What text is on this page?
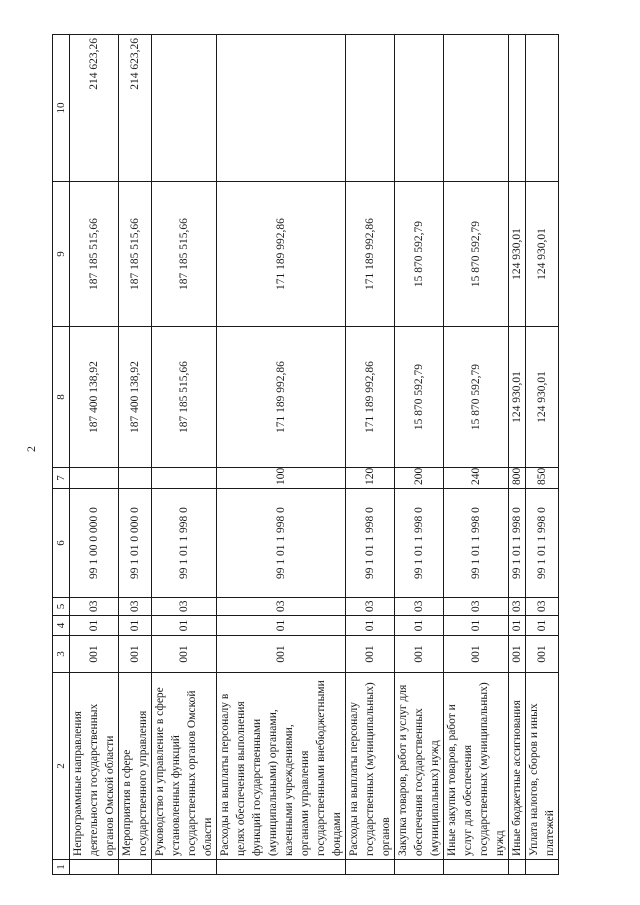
2
1	2	3	4	5	6	7	8	9	10
	Непрограммные направления деятельности государственных органов Омской области	001	01	03	99 1 00 0 000 0		187 400 138,92	187 185 515,66	214 623,26
	Мероприятия в сфере государственного управления	001	01	03	99 1 01 0 000 0		187 400 138,92	187 185 515,66	214 623,26
	Руководство и управление в сфере установленных функций государственных органов Омской области	001	01	03	99 1 01 1 998 0		187 185 515,66	187 185 515,66	
	Расходы на выплаты персоналу в целях обеспечения выполнения функций государственными (муниципальными) органами, казенными учреждениями, органами управления государственными внебюджетными фондами	001	01	03	99 1 01 1 998 0	100	171 189 992,86	171 189 992,86	
	Расходы на выплаты персоналу государственных (муниципальных) органов	001	01	03	99 1 01 1 998 0	120	171 189 992,86	171 189 992,86	
	Закупка товаров, работ и услуг для обеспечения государственных (муниципальных) нужд	001	01	03	99 1 01 1 998 0	200	15 870 592,79	15 870 592,79	
	Иные закупки товаров, работ и услуг для обеспечения государственных (муниципальных) нужд	001	01	03	99 1 01 1 998 0	240	15 870 592,79	15 870 592,79	
	Иные бюджетные ассигнования	001	01	03	99 1 01 1 998 0	800	124 930,01	124 930,01	
	Уплата налогов, сборов и иных платежей	001	01	03	99 1 01 1 998 0	850	124 930,01	124 930,01	
